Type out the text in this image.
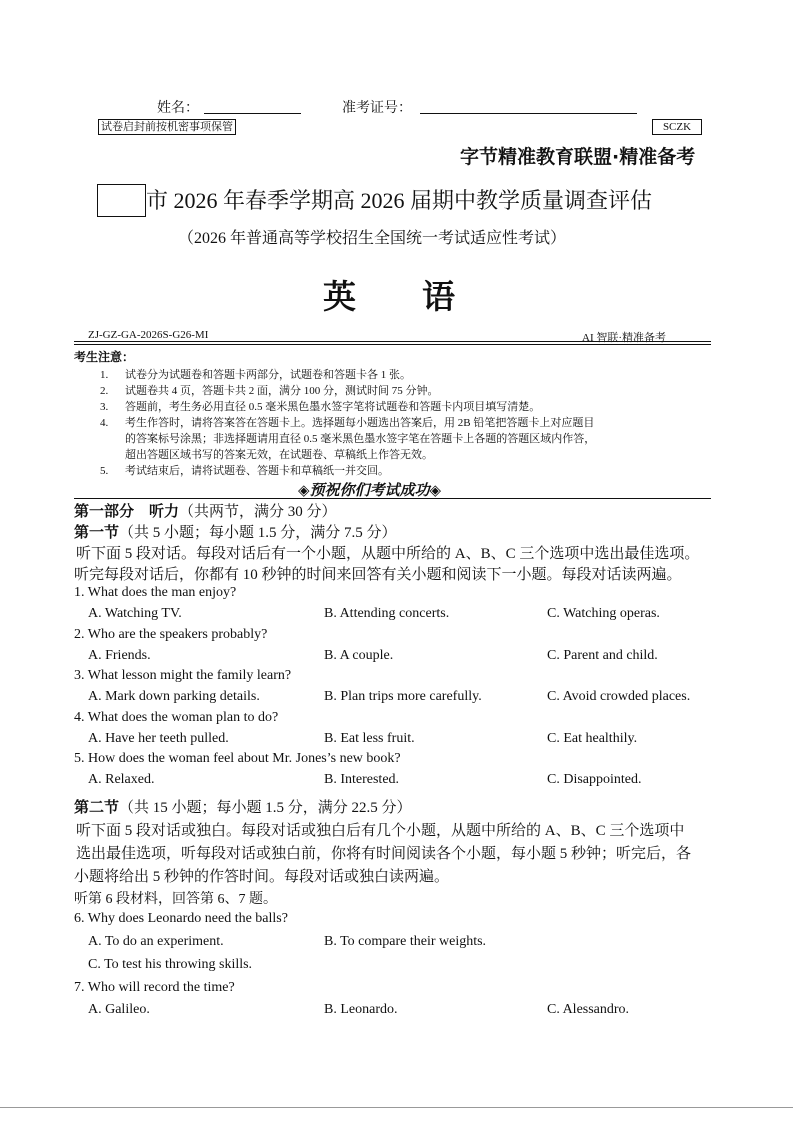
姓名：	准考证号：
试卷启封前按机密事项保管	SCZK
字节精准教育联盟·精准备考
市 2026 年春季学期高 2026 届期中教学质量调查评估
（2026 年普通高等学校招生全国统一考试适应性考试）
英　　语
ZJ-GZ-GA-2026S-G26-MI	AI 智联·精准备考
考生注意：
1. 试卷分为试题卷和答题卡两部分，试题卷和答题卡各 1 张。
2. 试题卷共 4 页，答题卡共 2 面，满分 100 分，测试时间 75 分钟。
3. 答题前，考生务必用直径 0.5 毫米黑色墨水签字笔将试题卷和答题卡内项目填写清楚。
4. 考生作答时，请将答案答在答题卡上。选择题每小题选出答案后，用 2B 铅笔把答题卡上对应题目
的答案标号涂黑；非选择题请用直径 0.5 毫米黑色墨水签字笔在答题卡上各题的答题区域内作答，
超出答题区域书写的答案无效，在试题卷、草稿纸上作答无效。
5. 考试结束后，请将试题卷、答题卡和草稿纸一并交回。
◈预祝你们考试成功◈
第一部分　听力（共两节，满分 30 分）
第一节（共 5 小题；每小题 1.5 分，满分 7.5 分）
听下面 5 段对话。每段对话后有一个小题，从题中所给的 A、B、C 三个选项中选出最佳选项。
听完每段对话后，你都有 10 秒钟的时间来回答有关小题和阅读下一小题。每段对话读两遍。
1. What does the man enjoy?
A. Watching TV.	B. Attending concerts.	C. Watching operas.
2. Who are the speakers probably?
A. Friends.	B. A couple.	C. Parent and child.
3. What lesson might the family learn?
A. Mark down parking details.	B. Plan trips more carefully.	C. Avoid crowded places.
4. What does the woman plan to do?
A. Have her teeth pulled.	B. Eat less fruit.	C. Eat healthily.
5. How does the woman feel about Mr. Jones’s new book?
A. Relaxed.	B. Interested.	C. Disappointed.
第二节（共 15 小题；每小题 1.5 分，满分 22.5 分）
听下面 5 段对话或独白。每段对话或独白后有几个小题，从题中所给的 A、B、C 三个选项中
选出最佳选项，听每段对话或独白前，你将有时间阅读各个小题，每小题 5 秒钟；听完后，各
小题将给出 5 秒钟的作答时间。每段对话或独白读两遍。
听第 6 段材料，回答第 6、7 题。
6. Why does Leonardo need the balls?
A. To do an experiment.	B. To compare their weights.
C. To test his throwing skills.
7. Who will record the time?
A. Galileo.	B. Leonardo.	C. Alessandro.
